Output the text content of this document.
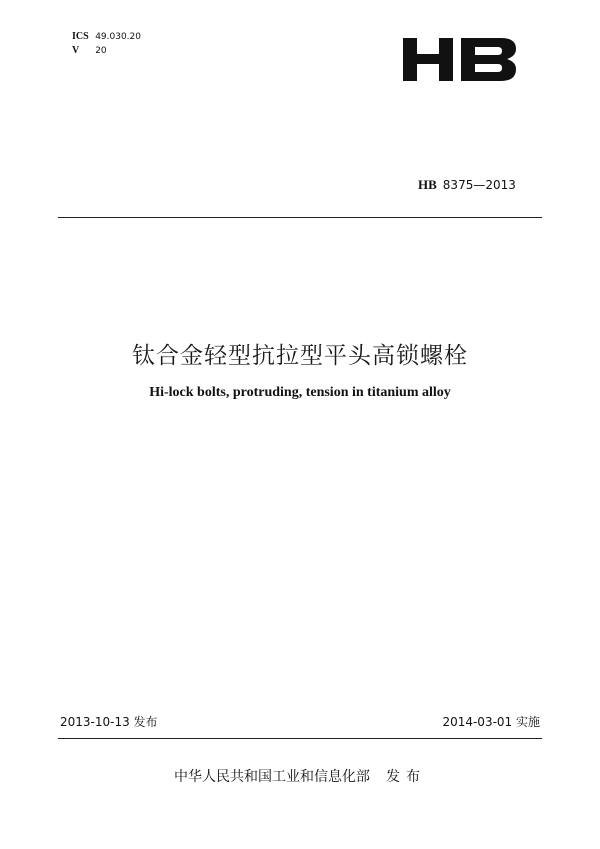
ICS 49.030.20
V 20
HB 8375—2013
钛合金轻型抗拉型平头高锁螺栓
Hi-lock bolts, protruding, tension in titanium alloy
2013-10-13 发布	2014-03-01 实施
中华人民共和国工业和信息化部 发布
